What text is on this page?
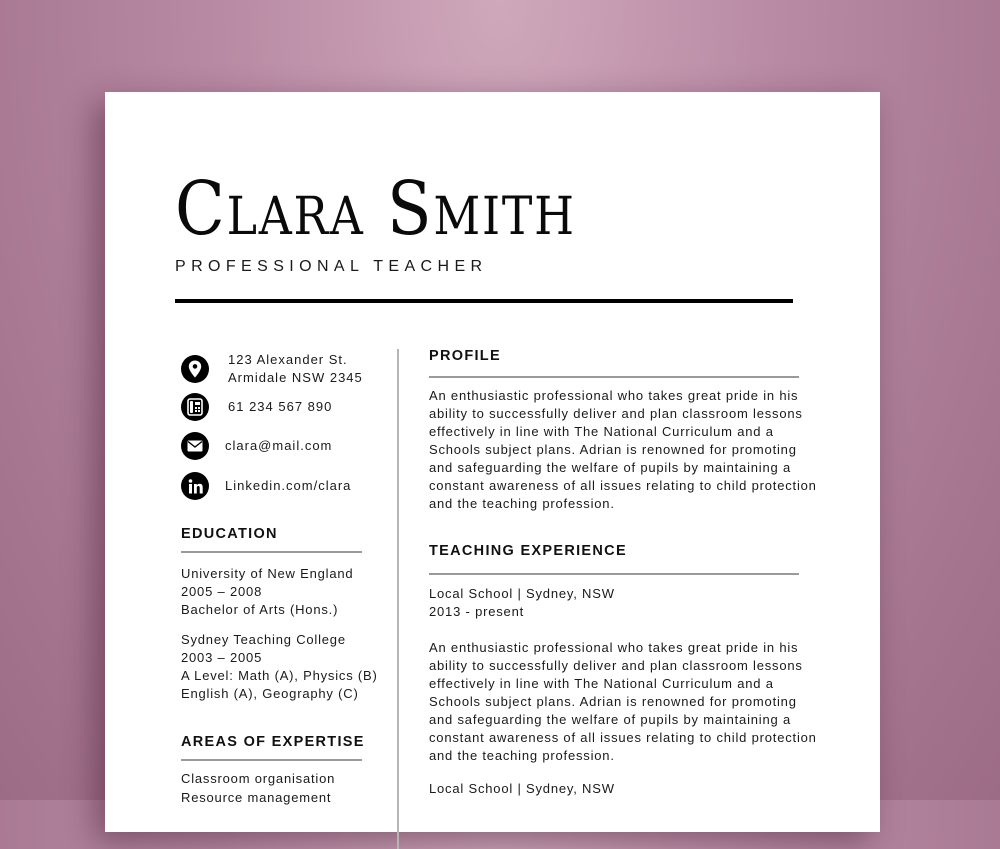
Clara Smith
PROFESSIONAL TEACHER
123 Alexander St.
Armidale NSW 2345
61 234 567 890
clara@mail.com
Linkedin.com/clara
EDUCATION
University of New England
2005 – 2008
Bachelor of Arts (Hons.)
Sydney Teaching College
2003 – 2005
A Level: Math (A), Physics (B)
English (A), Geography (C)
AREAS OF EXPERTISE
Classroom organisation
Resource management
PROFILE
An enthusiastic professional who takes great pride in his
ability to successfully deliver and plan classroom lessons
effectively in line with The National Curriculum and a
Schools subject plans. Adrian is renowned for promoting
and safeguarding the welfare of pupils by maintaining a
constant awareness of all issues relating to child protection
and the teaching profession.
TEACHING EXPERIENCE
Local School | Sydney, NSW
2013 - present
An enthusiastic professional who takes great pride in his
ability to successfully deliver and plan classroom lessons
effectively in line with The National Curriculum and a
Schools subject plans. Adrian is renowned for promoting
and safeguarding the welfare of pupils by maintaining a
constant awareness of all issues relating to child protection
and the teaching profession.
Local School | Sydney, NSW
